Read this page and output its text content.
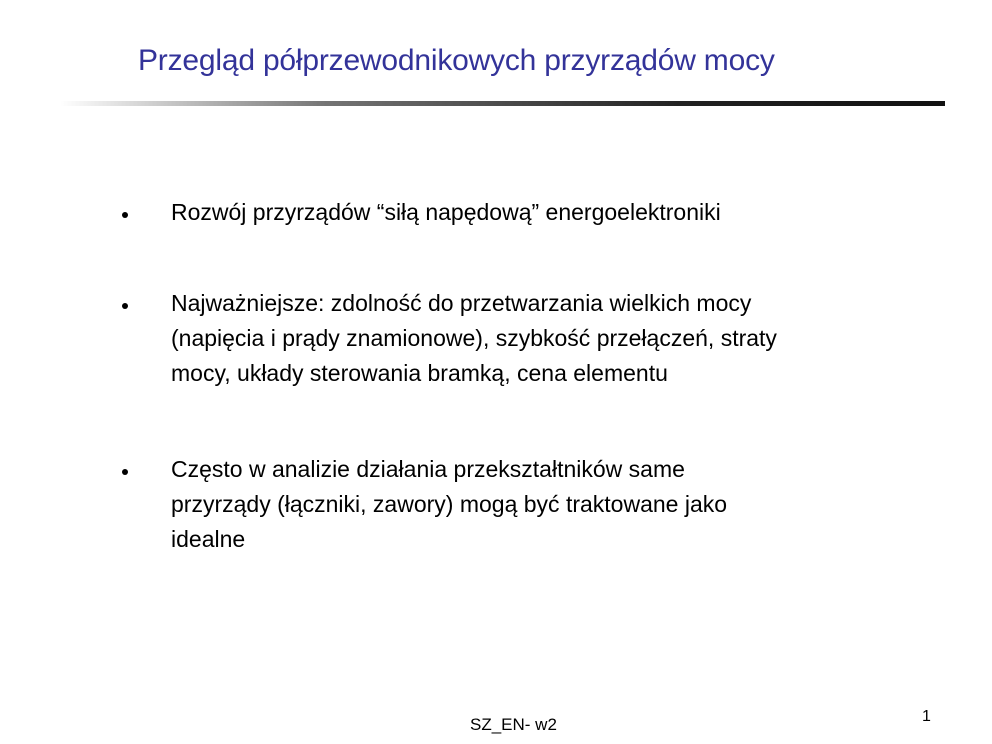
Przegląd półprzewodnikowych przyrządów mocy
Rozwój przyrządów “siłą napędową” energoelektroniki
Najważniejsze: zdolność do przetwarzania wielkich mocy
(napięcia i prądy znamionowe), szybkość przełączeń, straty
mocy, układy sterowania bramką, cena elementu
Często w analizie działania przekształtników same
przyrządy (łączniki, zawory) mogą być traktowane jako
idealne
SZ_EN- w2	1
